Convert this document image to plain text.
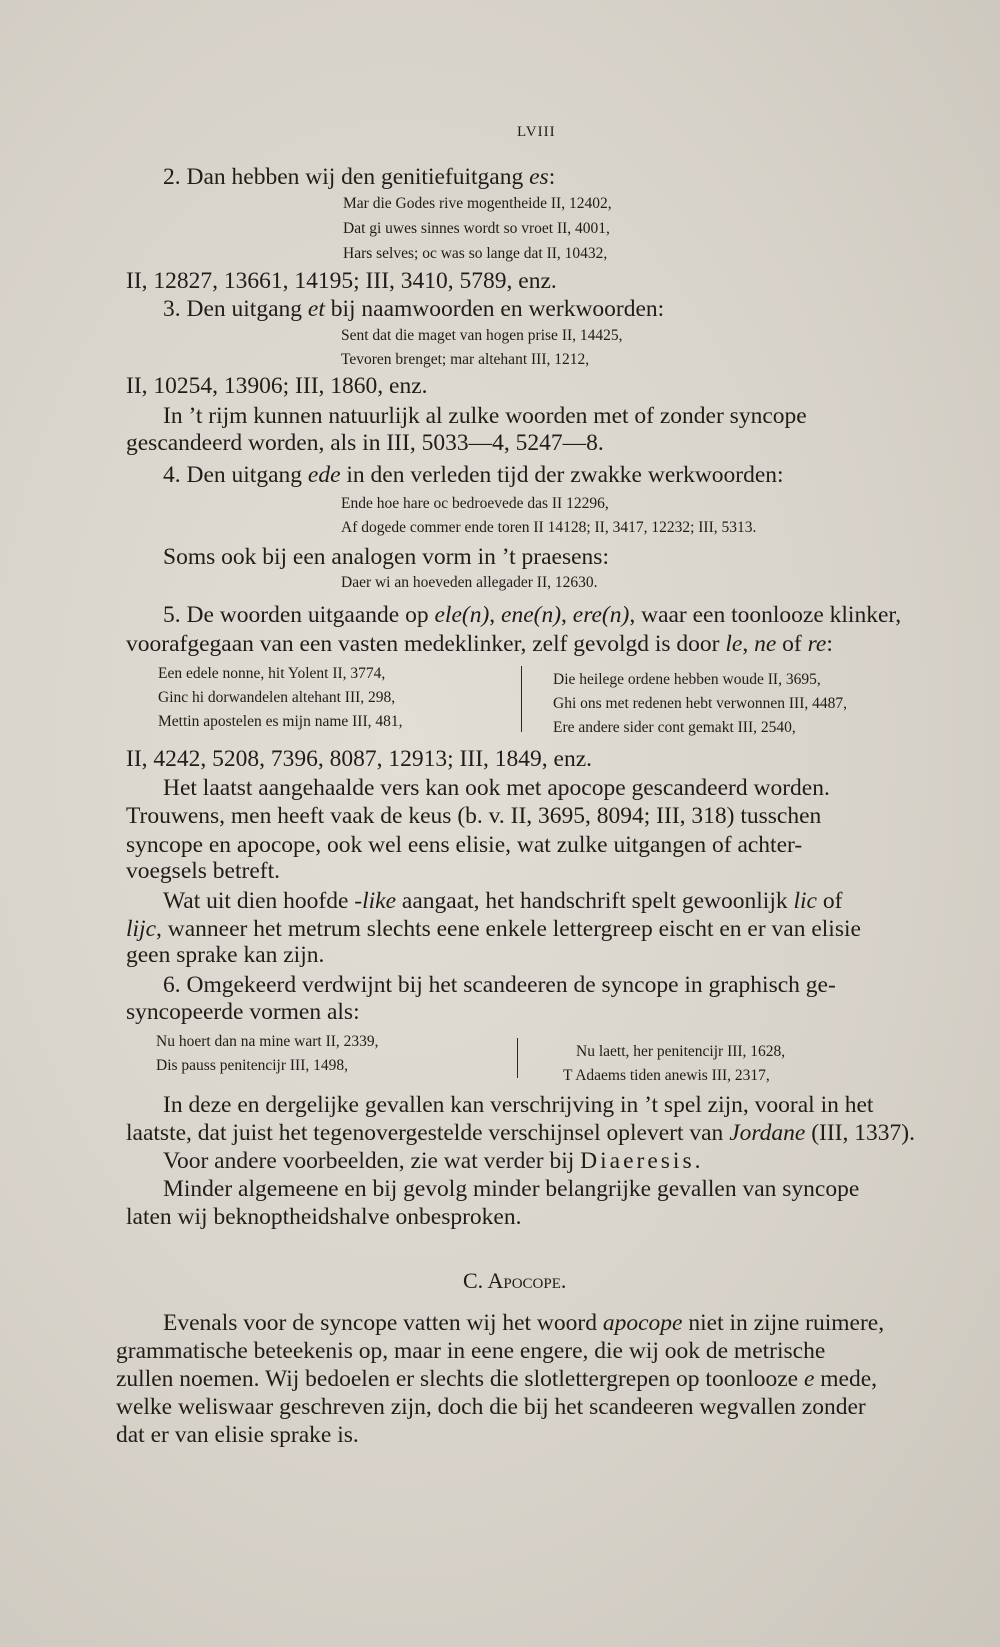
LVIII
2. Dan hebben wij den genitiefuitgang es:
Mar die Godes rive mogentheide II, 12402,
Dat gi uwes sinnes wordt so vroet II, 4001,
Hars selves; oc was so lange dat II, 10432,
II, 12827, 13661, 14195; III, 3410, 5789, enz.
3. Den uitgang et bij naamwoorden en werkwoorden:
Sent dat die maget van hogen prise II, 14425,
Tevoren brenget; mar altehant III, 1212,
II, 10254, 13906; III, 1860, enz.
In ’t rijm kunnen natuurlijk al zulke woorden met of zonder syncope
gescandeerd worden, als in III, 5033—4, 5247—8.
4. Den uitgang ede in den verleden tijd der zwakke werkwoorden:
Ende hoe hare oc bedroevede das II 12296,
Af dogede commer ende toren II 14128; II, 3417, 12232; III, 5313.
Soms ook bij een analogen vorm in ’t praesens:
Daer wi an hoeveden allegader II, 12630.
5. De woorden uitgaande op ele(n), ene(n), ere(n), waar een toonlooze klinker,
voorafgegaan van een vasten medeklinker, zelf gevolgd is door le, ne of re:
Een edele nonne, hit Yolent II, 3774,
Ginc hi dorwandelen altehant III, 298,
Mettin apostelen es mijn name III, 481,
Die heilege ordene hebben woude II, 3695,
Ghi ons met redenen hebt verwonnen III, 4487,
Ere andere sider cont gemakt III, 2540,
II, 4242, 5208, 7396, 8087, 12913; III, 1849, enz.
Het laatst aangehaalde vers kan ook met apocope gescandeerd worden.
Trouwens, men heeft vaak de keus (b. v. II, 3695, 8094; III, 318) tusschen
syncope en apocope, ook wel eens elisie, wat zulke uitgangen of achter-
voegsels betreft.
Wat uit dien hoofde -like aangaat, het handschrift spelt gewoonlijk lic of
lijc, wanneer het metrum slechts eene enkele lettergreep eischt en er van elisie
geen sprake kan zijn.
6. Omgekeerd verdwijnt bij het scandeeren de syncope in graphisch ge-
syncopeerde vormen als:
Nu hoert dan na mine wart II, 2339,
Dis pauss penitencijr III, 1498,
Nu laett, her penitencijr III, 1628,
T Adaems tiden anewis III, 2317,
In deze en dergelijke gevallen kan verschrijving in ’t spel zijn, vooral in het
laatste, dat juist het tegenovergestelde verschijnsel oplevert van Jordane (III, 1337).
Voor andere voorbeelden, zie wat verder bij Diaeresis.
Minder algemeene en bij gevolg minder belangrijke gevallen van syncope
laten wij beknoptheidshalve onbesproken.
C. Apocope.
Evenals voor de syncope vatten wij het woord apocope niet in zijne ruimere,
grammatische beteekenis op, maar in eene engere, die wij ook de metrische
zullen noemen. Wij bedoelen er slechts die slotlettergrepen op toonlooze e mede,
welke weliswaar geschreven zijn, doch die bij het scandeeren wegvallen zonder
dat er van elisie sprake is.
